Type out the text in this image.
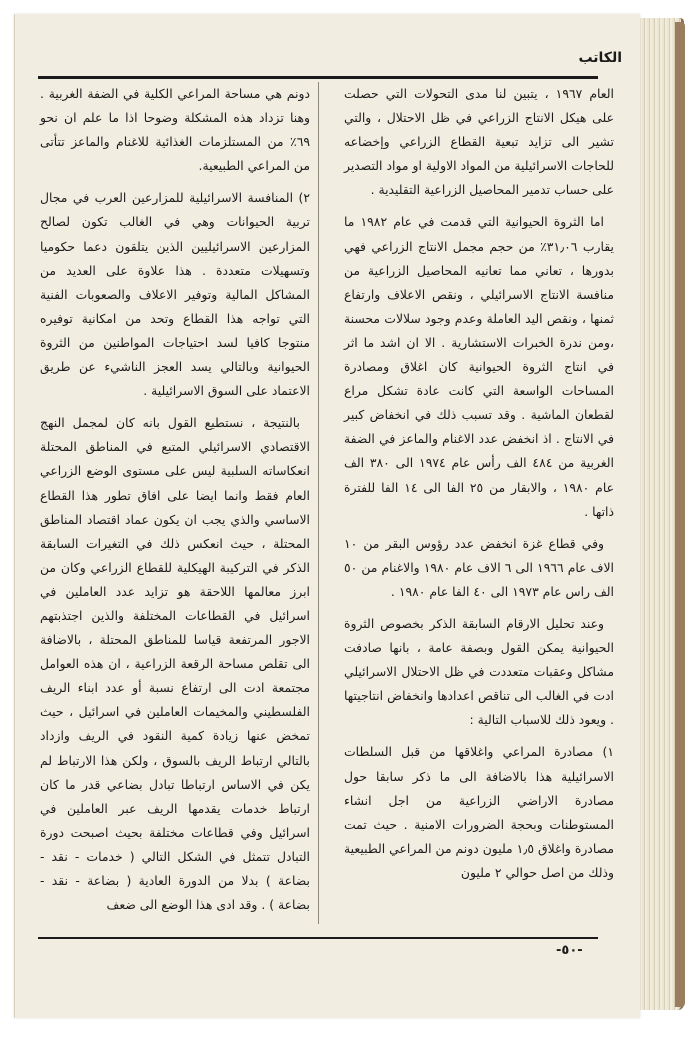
الكاتب

العام ١٩٦٧ ، يتبين لنا مدى التحولات التي حصلت على هيكل الانتاج الزراعي في ظل الاحتلال ، والتي تشير الى تزايد تبعية القطاع الزراعي وإخضاعه للحاجات الاسرائيلية من المواد الاولية او مواد التصدير على حساب تدمير المحاصيل الزراعية التقليدية .

اما الثروة الحيوانية التي قدمت في عام ١٩٨٢ ما يقارب ٣١٫٠٦٪ من حجم مجمل الانتاج الزراعي فهي بدورها ، تعاني مما تعانيه المحاصيل الزراعية من منافسة الانتاج الاسرائيلي ، ونقص الاعلاف وارتفاع ثمنها ، ونقص اليد العاملة وعدم وجود سلالات محسنة ،ومن ندرة الخبرات الاستشارية . الا ان اشد ما اثر في انتاج الثروة الحيوانية كان اغلاق ومصادرة المساحات الواسعة التي كانت عادة تشكل مراع لقطعان الماشية . وقد تسبب ذلك في انخفاض كبير في الانتاج . اذ انخفض عدد الاغنام والماعز في الضفة الغربية من ٤٨٤ الف رأس عام ١٩٧٤ الى ٣٨٠ الف عام ١٩٨٠ ، والابقار من ٢٥ الفا الى ١٤ الفا للفترة ذاتها .

وفي قطاع غزة انخفض عدد رؤوس البقر من ١٠ الاف عام ١٩٦٦ الى ٦ الاف عام ١٩٨٠ والاغنام من ٥٠ الف راس عام ١٩٧٣ الى ٤٠ الفا عام ١٩٨٠ .

وعند تحليل الارقام السابقة الذكر بخصوص الثروة الحيوانية يمكن القول وبصفة عامة ، بانها صادفت مشاكل وعقبات متعددت في ظل الاحتلال الاسرائيلي ادت في الغالب الى تناقص اعدادها وانخفاض انتاجيتها . ويعود ذلك للاسباب التالية :

١) مصادرة المراعي واغلاقها من قبل السلطات الاسرائيلية هذا بالاضافة الى ما ذكر سابقا حول مصادرة الاراضي الزراعية من اجل انشاء المستوطنات وبحجة الضرورات الامنية . حيث تمت مصادرة واغلاق ١٫٥ مليون دونم من المراعي الطبيعية وذلك من اصل حوالي ٢ مليون

دونم هي مساحة المراعي الكلية في الضفة الغربية . وهنا تزداد هذه المشكلة وضوحا اذا ما علم ان نحو ٦٩٪ من المستلزمات الغذائية للاغنام والماعز تتأتى من المراعي الطبيعية.

٢) المنافسة الاسرائيلية للمزارعين العرب في مجال تربية الحيوانات وهي في الغالب تكون لصالح المزارعين الاسرائيليين الذين يتلقون دعما حكوميا وتسهيلات متعددة . هذا علاوة على العديد من المشاكل المالية وتوفير الاعلاف والصعوبات الفنية التي تواجه هذا القطاع وتحد من امكانية توفيره منتوجا كافيا لسد احتياجات المواطنين من الثروة الحيوانية وبالتالي يسد العجز الناشيء عن طريق الاعتماد على السوق الاسرائيلية .

بالنتيجة ، نستطيع القول بانه كان لمجمل النهج الاقتصادي الاسرائيلي المتبع في المناطق المحتلة انعكاساته السلبية ليس على مستوى الوضع الزراعي العام فقط وانما ايضا على افاق تطور هذا القطاع الاساسي والذي يجب ان يكون عماد اقتصاد المناطق المحتلة ، حيث انعكس ذلك في التغيرات السابقة الذكر في التركيبة الهيكلية للقطاع الزراعي وكان من ابرز معالمها اللاحقة هو تزايد عدد العاملين في اسرائيل في القطاعات المختلفة والذين اجتذبتهم الاجور المرتفعة قياسا للمناطق المحتلة ، بالاضافة الى تقلص مساحة الرقعة الزراعية ، ان هذه العوامل مجتمعة ادت الى ارتفاع نسبة أو عدد ابناء الريف الفلسطيني والمخيمات العاملين في اسرائيل ، حيث تمخض عنها زيادة كمية النقود في الريف وازداد بالتالي ارتباط الريف بالسوق ، ولكن هذا الارتباط لم يكن في الاساس ارتباطا تبادل بضاعي قدر ما كان ارتباط خدمات يقدمها الريف عبر العاملين في اسرائيل وفي قطاعات مختلفة بحيث اصبحت دورة التبادل تتمثل في الشكل التالي ( خدمات - نقد - بضاعة ) بدلا من الدورة العادية ( بضاعة - نقد - بضاعة ) . وقد ادى هذا الوضع الى ضعف

-٥٠-
